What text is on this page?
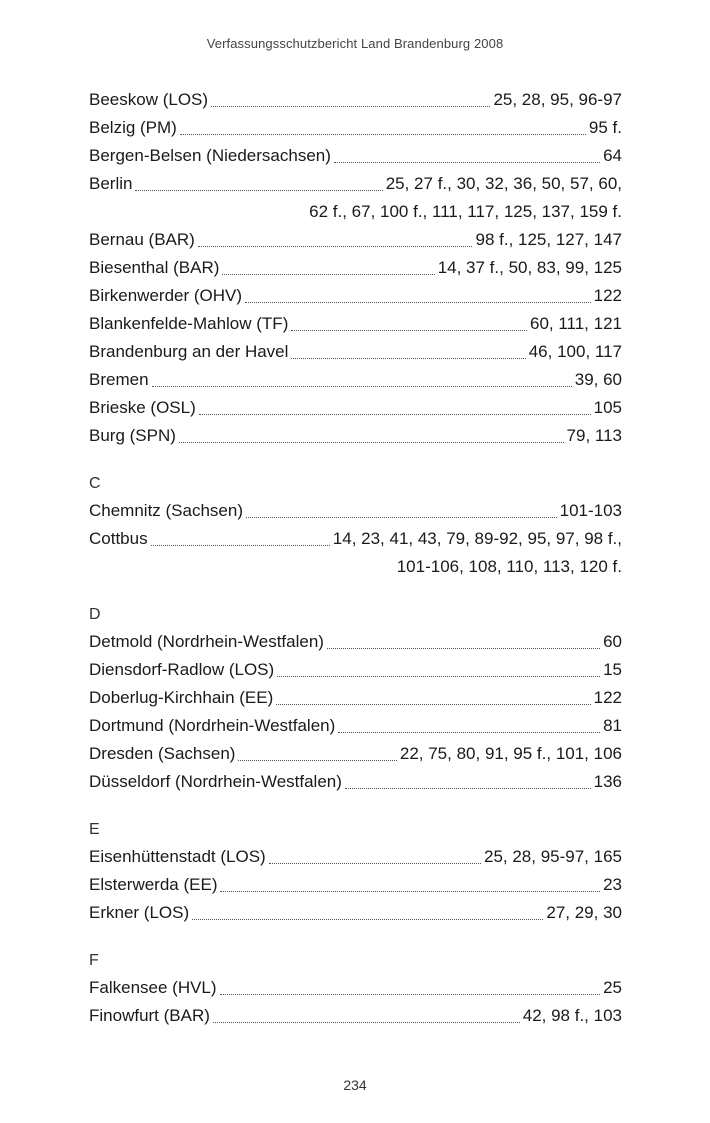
Verfassungsschutzbericht Land Brandenburg 2008
Beeskow (LOS)	25, 28, 95, 96-97
Belzig (PM)	95 f.
Bergen-Belsen (Niedersachsen)	64
Berlin	25, 27 f., 30, 32, 36, 50, 57, 60,
62 f., 67, 100 f., 111, 117, 125, 137, 159 f.
Bernau (BAR)	98 f., 125, 127, 147
Biesenthal (BAR)	14, 37 f., 50, 83, 99, 125
Birkenwerder (OHV)	122
Blankenfelde-Mahlow (TF)	60, 111, 121
Brandenburg an der Havel	46, 100, 117
Bremen	39, 60
Brieske (OSL)	105
Burg (SPN)	79, 113
C
Chemnitz (Sachsen)	101-103
Cottbus	14, 23, 41, 43, 79, 89-92, 95, 97, 98 f.,
101-106, 108, 110, 113, 120 f.
D
Detmold (Nordrhein-Westfalen)	60
Diensdorf-Radlow (LOS)	15
Doberlug-Kirchhain (EE)	122
Dortmund (Nordrhein-Westfalen)	81
Dresden (Sachsen)	22, 75, 80, 91, 95 f., 101, 106
Düsseldorf (Nordrhein-Westfalen)	136
E
Eisenhüttenstadt (LOS)	25, 28, 95-97, 165
Elsterwerda (EE)	23
Erkner (LOS)	27, 29, 30
F
Falkensee (HVL)	25
Finowfurt (BAR)	42, 98 f., 103
234
